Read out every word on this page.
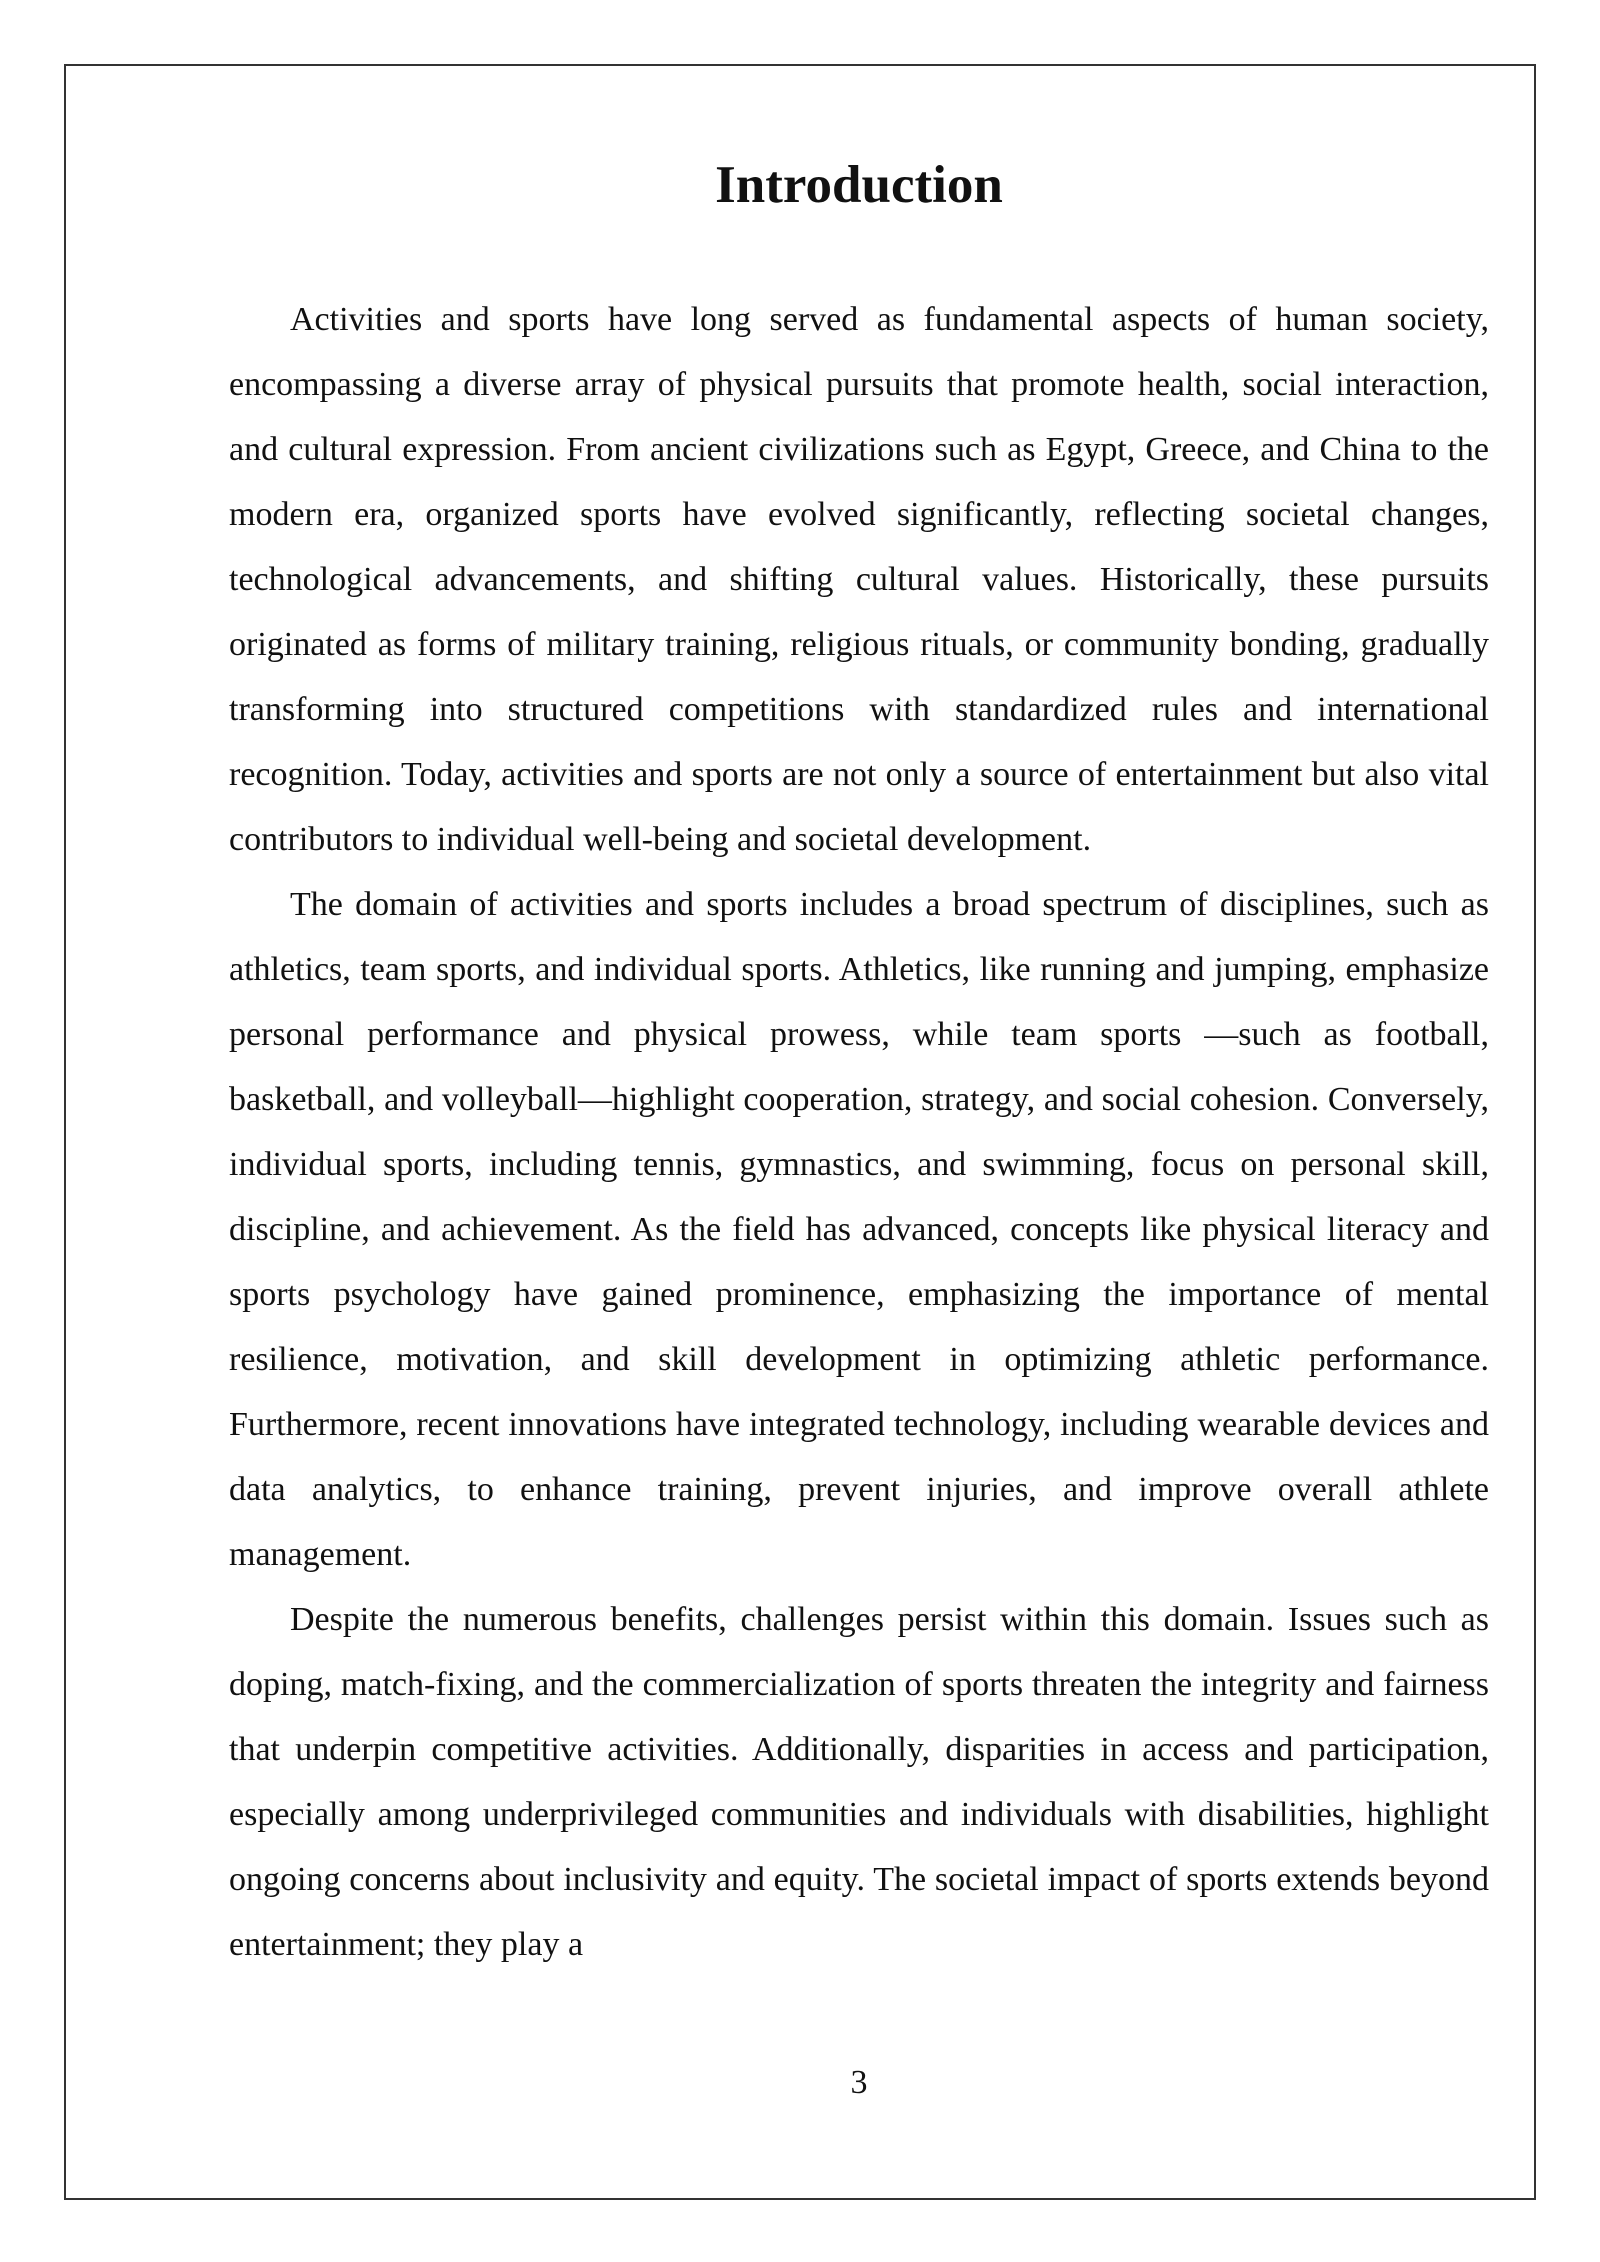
Introduction

Activities and sports have long served as fundamental aspects of human society, encompassing a diverse array of physical pursuits that promote health, social interaction, and cultural expression. From ancient civilizations such as Egypt, Greece, and China to the modern era, organized sports have evolved significantly, reflecting societal changes, technological advancements, and shifting cultural values. Historically, these pursuits originated as forms of military training, religious rituals, or community bonding, gradually transforming into structured competitions with standardized rules and international recognition. Today, activities and sports are not only a source of entertainment but also vital contributors to individual well-being and societal development.

The domain of activities and sports includes a broad spectrum of disciplines, such as athletics, team sports, and individual sports. Athletics, like running and jumping, emphasize personal performance and physical prowess, while team sports —such as football, basketball, and volleyball—highlight cooperation, strategy, and social cohesion. Conversely, individual sports, including tennis, gymnastics, and swimming, focus on personal skill, discipline, and achievement. As the field has advanced, concepts like physical literacy and sports psychology have gained prominence, emphasizing the importance of mental resilience, motivation, and skill development in optimizing athletic performance. Furthermore, recent innovations have integrated technology, including wearable devices and data analytics, to enhance training, prevent injuries, and improve overall athlete management.

Despite the numerous benefits, challenges persist within this domain. Issues such as doping, match-fixing, and the commercialization of sports threaten the integrity and fairness that underpin competitive activities. Additionally, disparities in access and participation, especially among underprivileged communities and individuals with disabilities, highlight ongoing concerns about inclusivity and equity. The societal impact of sports extends beyond entertainment; they play a

3
